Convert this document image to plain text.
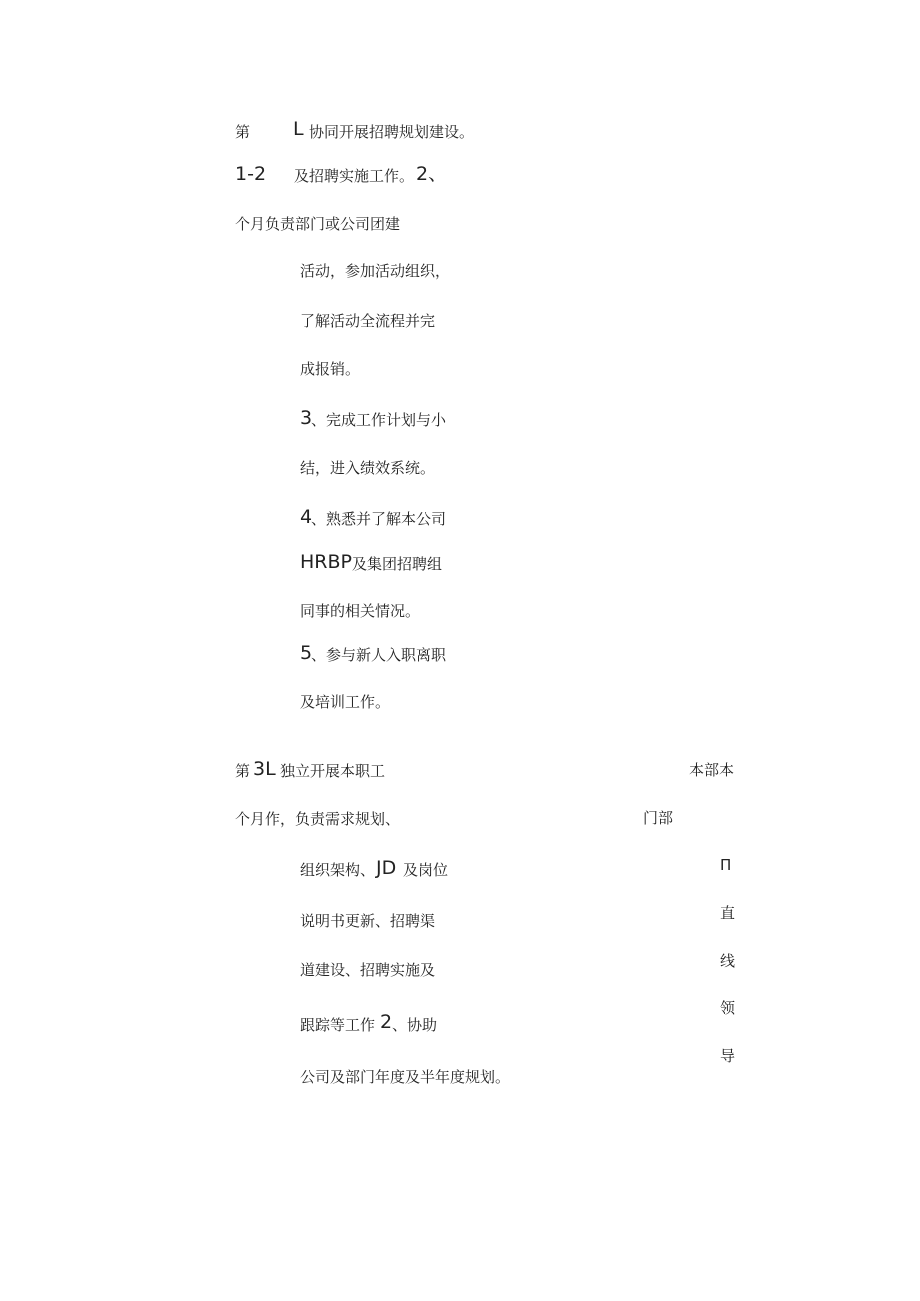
第 L 协同开展招聘规划建设。
1-2 及招聘实施工作。 2、
个月 负责部门或公司团建
活动，参加活动组织，
了解活动全流程并完
成报销。
3
、完成工作计划与小
结，进入绩效系统。
4
、熟悉并了解本公司
HRBP 及集团招聘组
同事的相关情况。
5
、参与新人入职离职
及培训工作。
第 3L 独立开展本职工
个月 作，负责需求规划、
组织架构、 JD 及岗位
说明书更新、招聘渠
道建设、招聘实施及
跟踪等工作 2 、协助
公司及部门年度及半年度规划。
本部本
门部
Π
直
线
领
导
